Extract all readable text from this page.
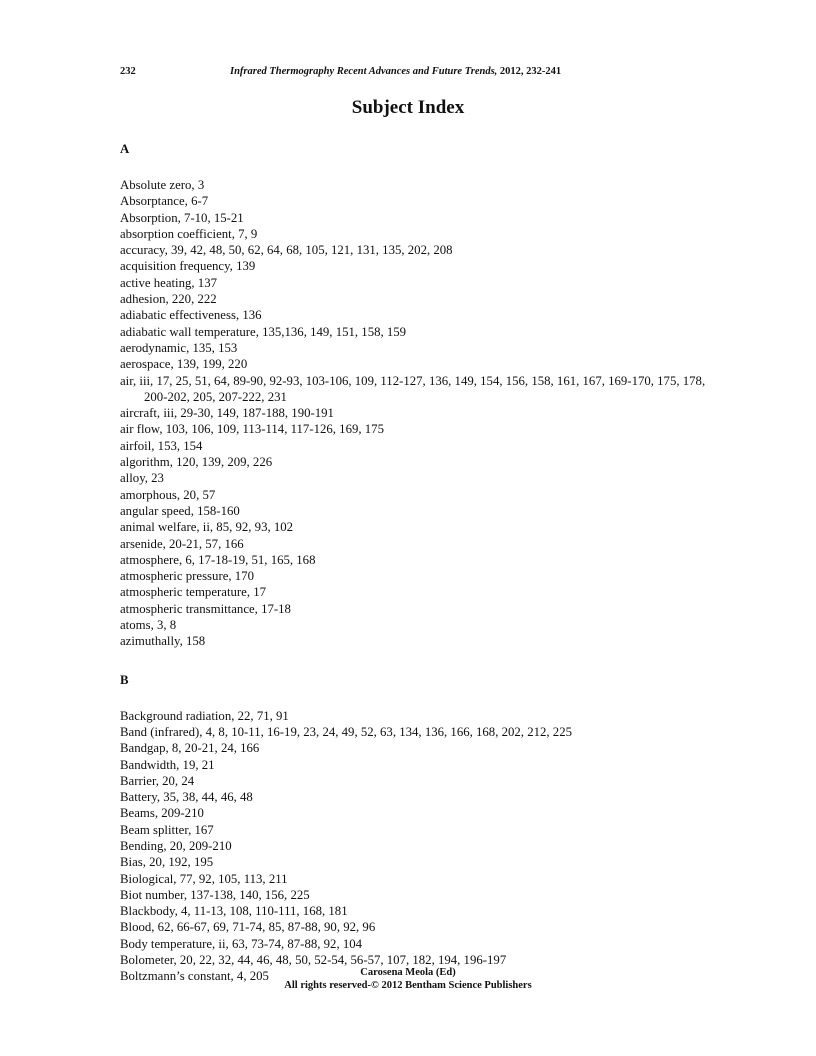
232	Infrared Thermography Recent Advances and Future Trends, 2012, 232-241
Subject Index
A
Absolute zero, 3
Absorptance, 6-7
Absorption, 7-10, 15-21
absorption coefficient, 7, 9
accuracy, 39, 42, 48, 50, 62, 64, 68, 105, 121, 131, 135, 202, 208
acquisition frequency, 139
active heating, 137
adhesion, 220, 222
adiabatic effectiveness, 136
adiabatic wall temperature, 135,136, 149, 151, 158, 159
aerodynamic, 135, 153
aerospace, 139, 199, 220
air, iii, 17, 25, 51, 64, 89-90, 92-93, 103-106, 109, 112-127, 136, 149, 154, 156, 158, 161, 167, 169-170, 175, 178, 200-202, 205, 207-222, 231
aircraft, iii, 29-30, 149, 187-188, 190-191
air flow, 103, 106, 109, 113-114, 117-126, 169, 175
airfoil, 153, 154
algorithm, 120, 139, 209, 226
alloy, 23
amorphous, 20, 57
angular speed, 158-160
animal welfare, ii, 85, 92, 93, 102
arsenide, 20-21, 57, 166
atmosphere, 6, 17-18-19, 51, 165, 168
atmospheric pressure, 170
atmospheric temperature, 17
atmospheric transmittance, 17-18
atoms, 3, 8
azimuthally, 158
B
Background radiation, 22, 71, 91
Band (infrared), 4, 8, 10-11, 16-19, 23, 24, 49, 52, 63, 134, 136, 166, 168, 202, 212, 225
Bandgap, 8, 20-21, 24, 166
Bandwidth, 19, 21
Barrier, 20, 24
Battery, 35, 38, 44, 46, 48
Beams, 209-210
Beam splitter, 167
Bending, 20, 209-210
Bias, 20, 192, 195
Biological, 77, 92, 105, 113, 211
Biot number, 137-138, 140, 156, 225
Blackbody, 4, 11-13, 108, 110-111, 168, 181
Blood, 62, 66-67, 69, 71-74, 85, 87-88, 90, 92, 96
Body temperature, ii, 63, 73-74, 87-88, 92, 104
Bolometer, 20, 22, 32, 44, 46, 48, 50, 52-54, 56-57, 107, 182, 194, 196-197
Boltzmann’s constant, 4, 205	Carosena Meola (Ed)
All rights reserved-© 2012 Bentham Science Publishers
